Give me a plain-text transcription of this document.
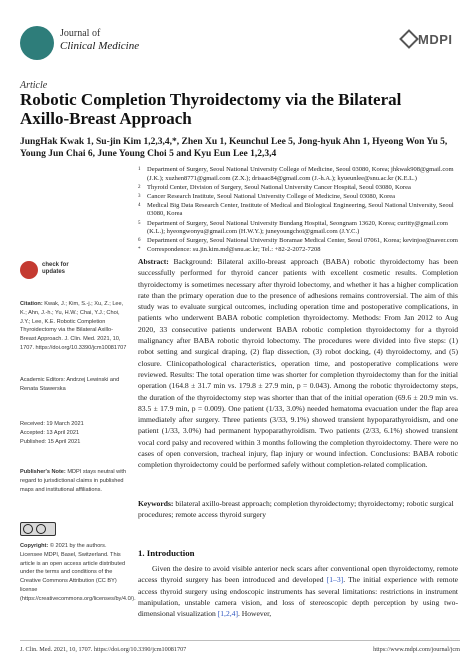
Journal of
Clinical Medicine	MDPI
Article
Robotic Completion Thyroidectomy via the Bilateral Axillo-Breast Approach
JungHak Kwak 1, Su-jin Kim 1,2,3,4,*, Zhen Xu 1, Keunchul Lee 5, Jong-hyuk Ahn 1, Hyeong Won Yu 5, Young Jun Chai 6, June Young Choi 5 and Kyu Eun Lee 1,2,3,4
1	Department of Surgery, Seoul National University College of Medicine, Seoul 03080, Korea; jhkwak908@gmail.com (J.K.); xuzhen8771@gmail.com (Z.X.); drisaac84@gmail.com (J.-h.A.); kyueunlee@snu.ac.kr (K.E.L.)
2	Thyroid Center, Division of Surgery, Seoul National University Cancer Hospital, Seoul 03080, Korea
3	Cancer Research Institute, Seoul National University College of Medicine, Seoul 03080, Korea
4	Medical Big Data Research Center, Institute of Medical and Biological Engineering, Seoul National University, Seoul 03080, Korea
5	Department of Surgery, Seoul National University Bundang Hospital, Seongnam 13620, Korea; curitty@gmail.com (K.L.); hyeongwonyu@gmail.com (H.W.Y.); juneyoungchoi@gmail.com (J.Y.C.)
6	Department of Surgery, Seoul National University Boramae Medical Center, Seoul 07061, Korea; kevinjoe@naver.com
*	Correspondence: su.jin.kim.md@snu.ac.kr; Tel.: +82-2-2072-7208
check for
updates
Citation: Kwak, J.; Kim, S.-j.; Xu, Z.; Lee, K.; Ahn, J.-h.; Yu, H.W.; Chai, Y.J.; Choi, J.Y.; Lee, K.E. Robotic Completion Thyroidectomy via the Bilateral Axillo-Breast Approach. J. Clin. Med. 2021, 10, 1707. https://doi.org/10.3390/jcm10081707
Academic Editors: Andrzej Lewinski and Renata Stawerska
Received: 19 March 2021
Accepted: 13 April 2021
Published: 15 April 2021
Publisher's Note: MDPI stays neutral with regard to jurisdictional claims in published maps and institutional affiliations.
Copyright: © 2021 by the authors. Licensee MDPI, Basel, Switzerland. This article is an open access article distributed under the terms and conditions of the Creative Commons Attribution (CC BY) license (https://creativecommons.org/licenses/by/4.0/).
Abstract: Background: Bilateral axillo-breast approach (BABA) robotic thyroidectomy has been successfully performed for thyroid cancer patients with excellent cosmetic results. Completion thyroidectomy is sometimes necessary after thyroid lobectomy, and whether it has a higher complication rate than the primary operation due to the presence of adhesions remains controversial. The aim of this study was to evaluate surgical outcomes, including operation time and postoperative complications, in patients who underwent BABA robotic completion thyroidectomy. Methods: From Jan 2012 to Aug 2020, 33 consecutive patients underwent BABA robotic completion thyroidectomy for a thyroid malignancy after BABA robotic thyroid lobectomy. The procedures were divided into five steps: (1) robot setting and surgical draping, (2) flap dissection, (3) robot docking, (4) thyroidectomy, and (5) closure. Clinicopathological characteristics, operation time, and postoperative complications were reviewed. Results: The total operation time was shorter for completion thyroidectomy than for the initial operation (164.8 ± 31.7 min vs. 179.8 ± 27.9 min, p = 0.043). Among the robotic thyroidectomy steps, the duration of the thyroidectomy step was shorter than that of the initial operation (69.6 ± 20.9 min vs. 83.5 ± 17.9 min, p = 0.009). One patient (1/33, 3.0%) needed hematoma evacuation under the flap area immediately after surgery. Three patients (3/33, 9.1%) showed transient hypoparathyroidism, and one patient (1/33, 3.0%) had permanent hypoparathyroidism. Two patients (2/33, 6.1%) showed transient vocal cord palsy and recovered within 3 months following the completion thyroidectomy. There were no cases of open conversion, tracheal injury, flap injury or wound infection. Conclusions: BABA robotic completion thyroidectomy could be performed safely without completion-related complication.
Keywords: bilateral axillo-breast approach; completion thyroidectomy; thyroidectomy; robotic surgical procedures; remote access thyroid surgery
1. Introduction
Given the desire to avoid visible anterior neck scars after conventional open thyroidectomy, remote access thyroid surgery has been introduced and developed [1–3]. The initial experience with remote access thyroid surgery using endoscopic instruments has several limitations: restrictions in instrument manipulation, unstable camera vision, and loss of stereoscopic depth perception by using two-dimensional visualization [1,2,4]. However,
J. Clin. Med. 2021, 10, 1707. https://doi.org/10.3390/jcm10081707	https://www.mdpi.com/journal/jcm
